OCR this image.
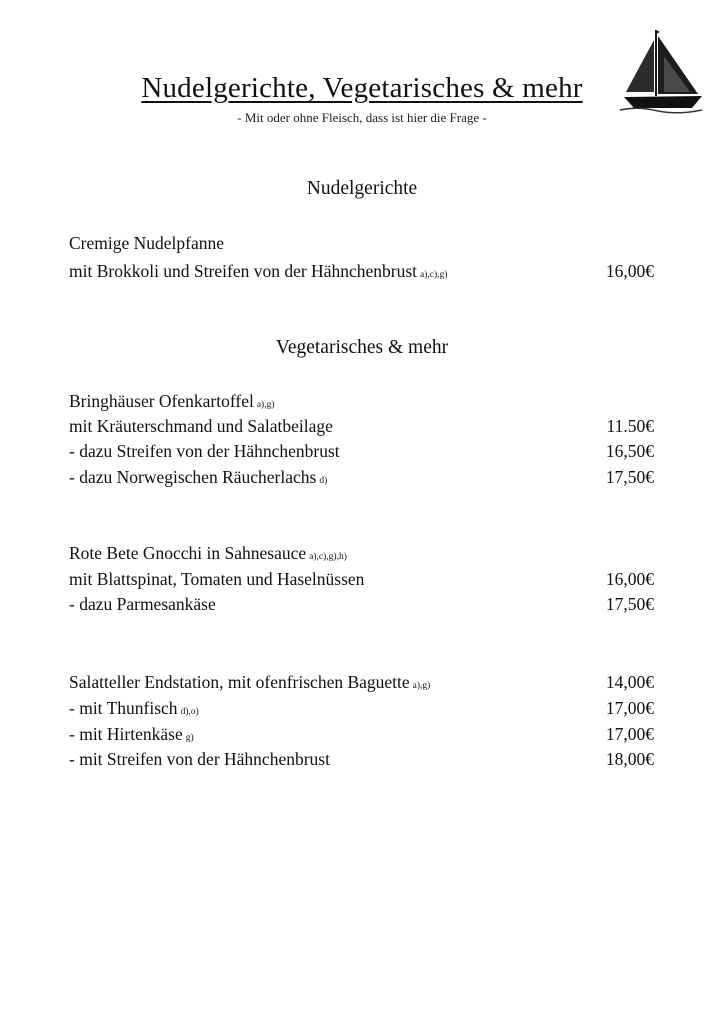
Nudelgerichte, Vegetarisches & mehr
- Mit oder ohne Fleisch, dass ist hier die Frage -
Nudelgerichte
Cremige Nudelpfanne
mit Brokkoli und Streifen von der Hähnchenbrust a),c),g)	16,00€
Vegetarisches & mehr
Bringhäuser Ofenkartoffel a),g)
mit Kräuterschmand und Salatbeilage	11.50€
- dazu Streifen von der Hähnchenbrust	16,50€
- dazu Norwegischen Räucherlachs d)	17,50€
Rote Bete Gnocchi in Sahnesauce a),c),g),h)
mit Blattspinat, Tomaten und Haselnüssen	16,00€
- dazu Parmesankäse	17,50€
Salatteller Endstation, mit ofenfrischen Baguette a),g)	14,00€
- mit Thunfisch d),o)	17,00€
- mit Hirtenkäse g)	17,00€
- mit Streifen von der Hähnchenbrust	18,00€
